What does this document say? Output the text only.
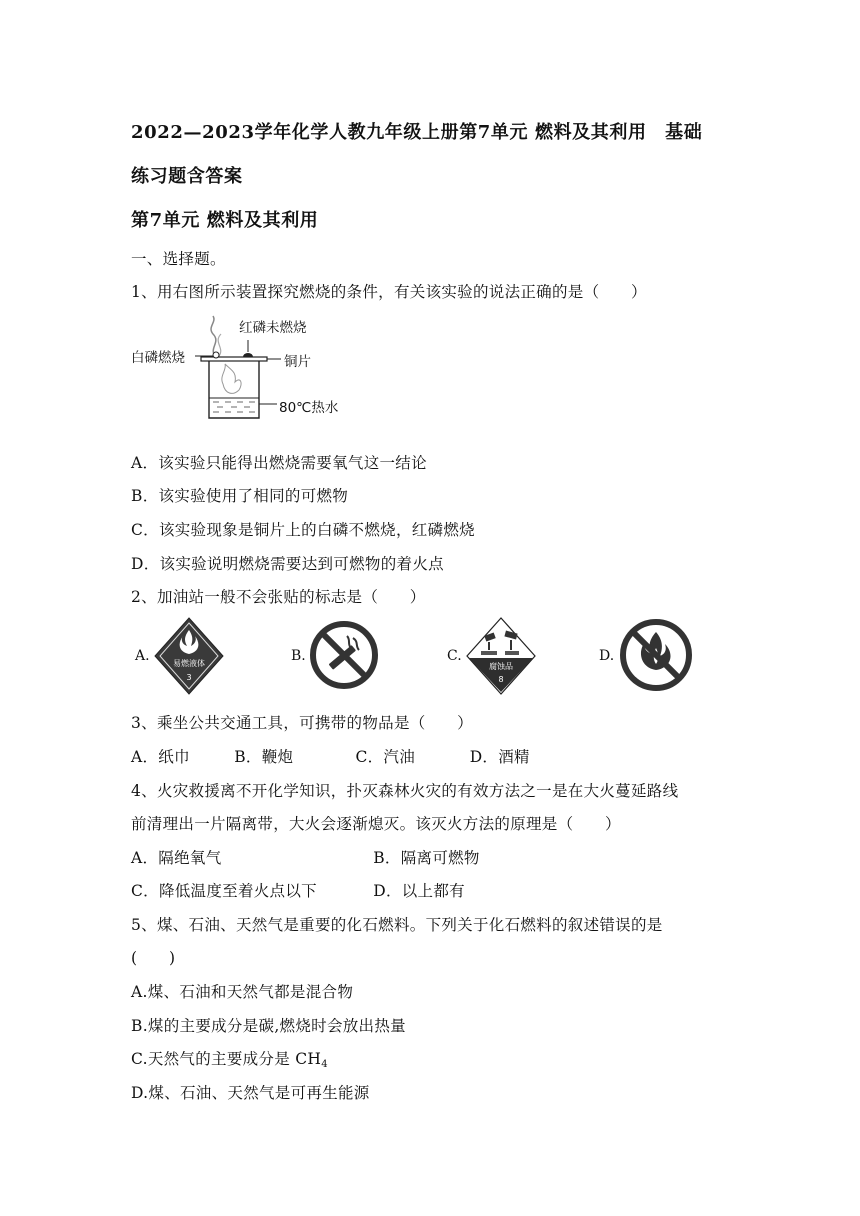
2022—2023学年化学人教九年级上册第7单元 燃料及其利用　基础
练习题含答案
第7单元 燃料及其利用
一、选择题。
1、用右图所示装置探究燃烧的条件，有关该实验的说法正确的是（　　）
红磷未燃烧
白磷燃烧	铜片
80℃热水
A．该实验只能得出燃烧需要氧气这一结论
B．该实验使用了相同的可燃物
C．该实验现象是铜片上的白磷不燃烧，红磷燃烧
D．该实验说明燃烧需要达到可燃物的着火点
2、加油站一般不会张贴的标志是（　　）
A.	易燃液体
3
B.	C.
腐蚀品
8
D.
3、乘坐公共交通工具，可携带的物品是（　　）
A．纸巾	B．鞭炮	C．汽油	D．酒精
4、火灾救援离不开化学知识，扑灭森林火灾的有效方法之一是在大火蔓延路线
前清理出一片隔离带，大火会逐渐熄灭。该灭火方法的原理是（　　）
A．隔绝氧气	B．隔离可燃物
C．降低温度至着火点以下	D．以上都有
5、煤、石油、天然气是重要的化石燃料。下列关于化石燃料的叙述错误的是
(　　)
A.煤、石油和天然气都是混合物
B.煤的主要成分是碳,燃烧时会放出热量
C.天然气的主要成分是 $CH_4$
D.煤、石油、天然气是可再生能源
